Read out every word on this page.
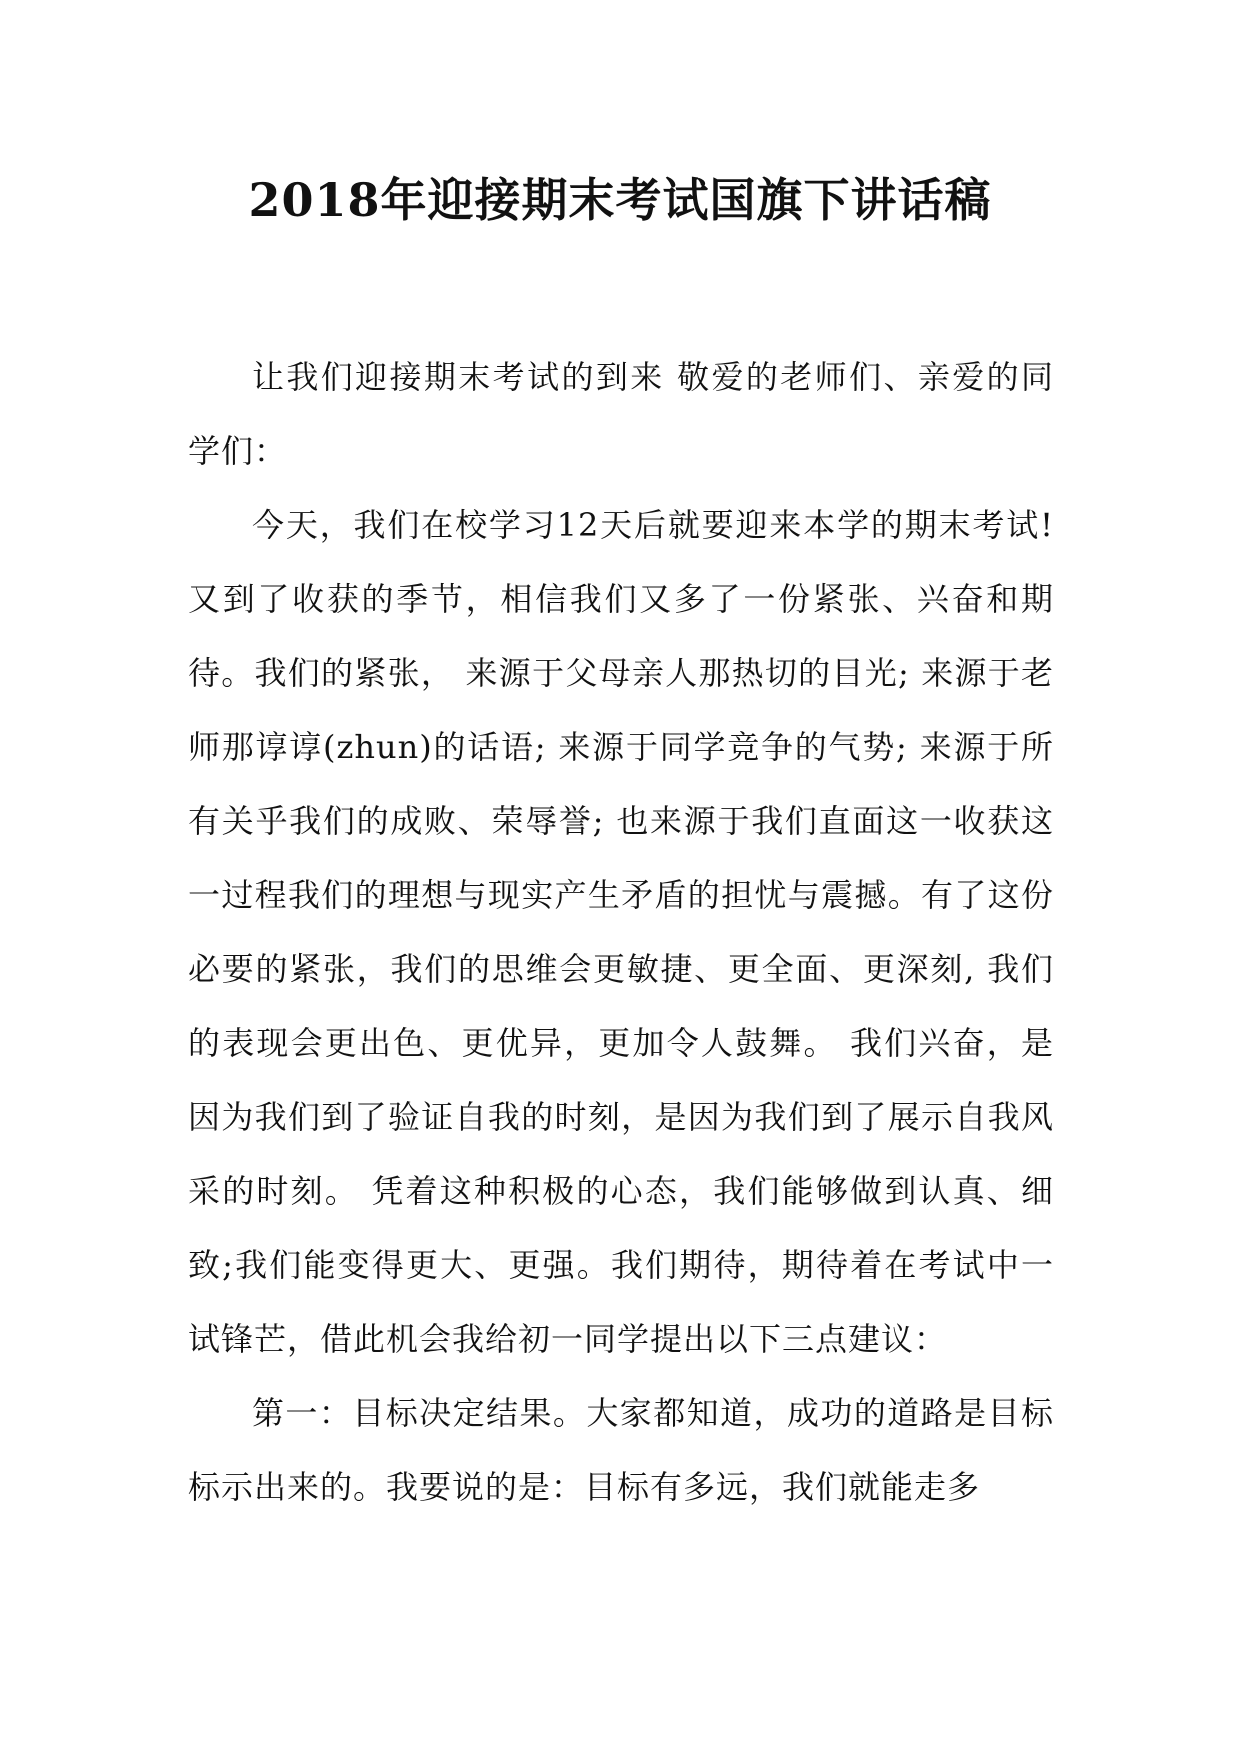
2018年迎接期末考试国旗下讲话稿

让我们迎接期末考试的到来 敬爱的老师们、亲爱的同学们：

今天，我们在校学习12天后就要迎来本学的期末考试!又到了收获的季节，相信我们又多了一份紧张、兴奋和期待。我们的紧张， 来源于父母亲人那热切的目光; 来源于老师那谆谆(zhun)的话语; 来源于同学竞争的气势; 来源于所有关乎我们的成败、荣辱誉; 也来源于我们直面这一收获这一过程我们的理想与现实产生矛盾的担忧与震撼。有了这份必要的紧张，我们的思维会更敏捷、更全面、更深刻, 我们的表现会更出色、更优异，更加令人鼓舞。 我们兴奋，是因为我们到了验证自我的时刻，是因为我们到了展示自我风采的时刻。 凭着这种积极的心态，我们能够做到认真、细致;我们能变得更大、更强。我们期待，期待着在考试中一试锋芒，借此机会我给初一同学提出以下三点建议：

第一：目标决定结果。大家都知道，成功的道路是目标标示出来的。我要说的是：目标有多远，我们就能走多
